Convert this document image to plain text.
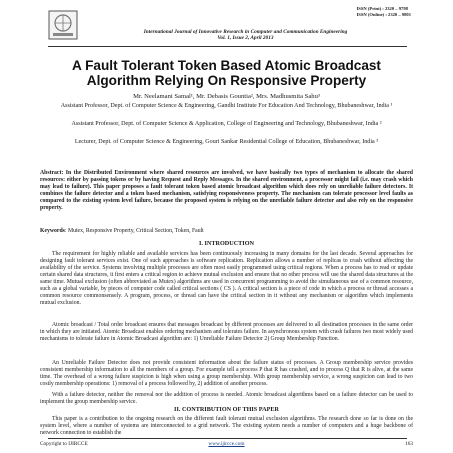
ISSN (Print) : 2320 – 9798
ISSN (Online) : 2320 – 9801
International Journal of Innovative Research in Computer and Communication Engineering
Vol. 1, Issue 2, April 2013
A Fault Tolerant Token Based Atomic Broadcast
Algorithm Relying On Responsive Property
Mr. Neelamani Samal¹, Mr. Debasis Gountia², Mrs. Madhusmita Sahu³
Assistant Professor, Dept. of Computer Science & Engineering, Gandhi Institute For Education And Technology, Bhubaneshwar, India ¹
Assistant Professor, Dept. of Computer Science & Application, College of Engineering and Technology, Bhubaneshwar, India ²
Lecturer, Dept. of Computer Science & Engineering, Gouri Sankar Residential College of Education, Bhubaneshwar, India ³
Abstract: In the Distributed Environment where shared resources are involved, we have basically two types of mechanism to allocate the shared resources: either by passing tokens or by having Request and Reply Messages. In the shared environment, a processor might fail (i.e. may crash which may lead to failure). This paper proposes a fault tolerant token based atomic broadcast algorithm which does rely on unreliable failure detectors. It combines the failure detector and a token based mechanism, satisfying responsiveness property. The mechanism can tolerate processor level faults as compared to the existing system level failure, because the proposed system is relying on the unreliable failure detector and also rely on the responsive property.
Keywords: Mutex, Responsive Property, Critical Section, Token, Fault
I. INTRODUCTION
The requirement for highly reliable and available services has been continuously increasing in many domains for the last decade. Several approaches for designing fault tolerant services exist. One of such approaches is software replication. Replication allows a number of replicas to crash without affecting the availability of the service. Systems involving multiple processes are often most easily programmed using critical regions. When a process has to read or update certain shared data structures, it first enters a critical region to achieve mutual exclusion and ensure that no other process will use the shared data structures at the same time. Mutual exclusion (often abbreviated as Mutex) algorithms are used in concurrent programming to avoid the simultaneous use of a common resource, such as a global variable, by pieces of computer code called critical sections ( CS ). A critical section is a piece of code in which a process or thread accesses a common resource commonsensely. A program, process, or thread can have the critical section in it without any mechanism or algorithm which implements mutual exclusion.
Atomic broadcast / Total order broadcast ensures that messages broadcast by different processes are delivered to all destination processes in the same order in which they are initiated. Atomic Broadcast enables ordering mechanism and tolerates failure. In asynchronous system with crash failures two most widely used mechanisms to tolerate failure in Atomic Broadcast algorithm are: 1) Unreliable Failure Detector 2) Group Membership Function.
An Unreliable Failure Detector does not provide consistent information about the failure status of processes. A Group membership service provides consistent membership information to all the members of a group. For example tell a process P that R has crashed, and to process Q that R is alive, at the same time. The overhead of a wrong failure suspicion is high when using a group membership. With group membership service, a wrong suspicion can lead to two costly membership operations: 1) removal of a process followed by, 2) addition of another process.
With a failure detector, neither the removal nor the addition of process is needed. Atomic broadcast algorithms based on a failure detector can be used to implement the group membership service.
II. CONTRIBUTION OF THIS PAPER
This paper is a contribution to the ongoing research on the different fault tolerant mutual exclusion algorithms. The research done so far is done on the system level, where a number of systems are interconnected to a grid network. The existing system needs a number of computers and a huge backbone of network connection to establish the
Copyright to IJIRCCE	www.ijircce.com	163
